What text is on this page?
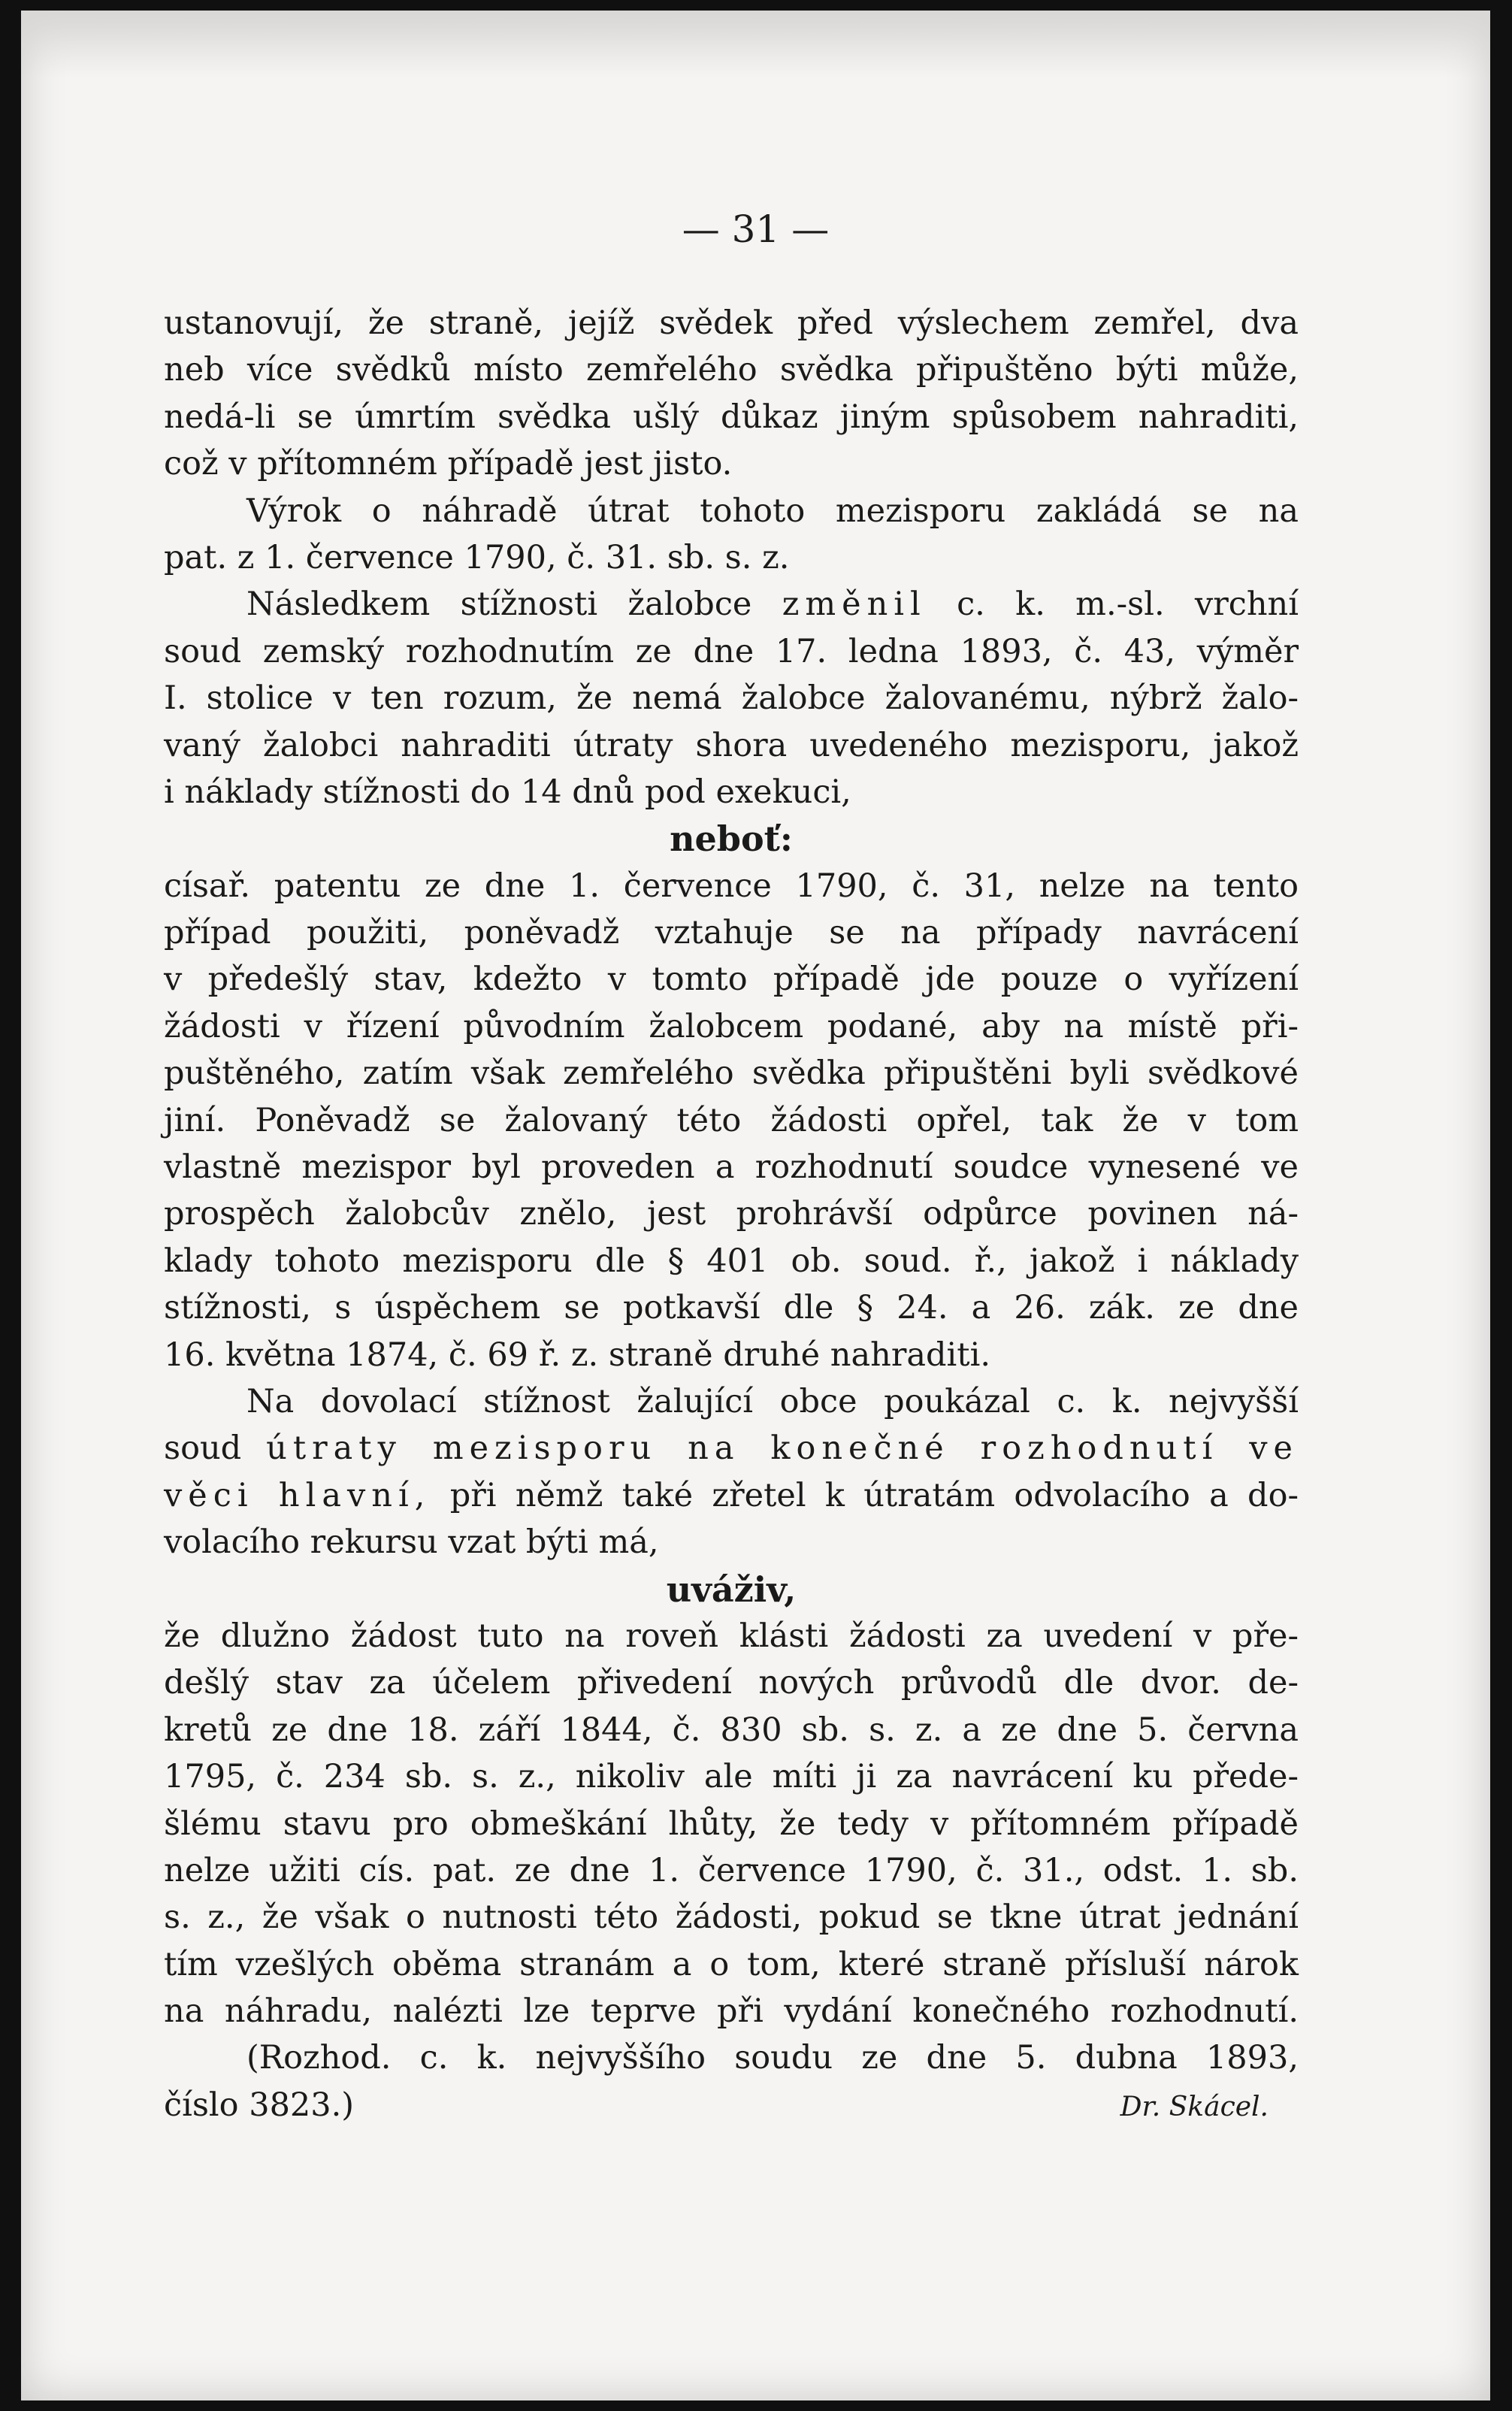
— 31 —
ustanovují, že straně, jejíž svědek před výslechem zemřel, dva
neb více svědků místo zemřelého svědka připuštěno býti může,
nedá-li se úmrtím svědka ušlý důkaz jiným spůsobem nahraditi,
což v přítomném případě jest jisto.
Výrok o náhradě útrat tohoto mezisporu zakládá se na
pat. z 1. července 1790, č. 31. sb. s. z.
Následkem stížnosti žalobce změnil c. k. m.-sl. vrchní
soud zemský rozhodnutím ze dne 17. ledna 1893, č. 43, výměr
I. stolice v ten rozum, že nemá žalobce žalovanému, nýbrž žalo-
vaný žalobci nahraditi útraty shora uvedeného mezisporu, jakož
i náklady stížnosti do 14 dnů pod exekuci,
neboť:
císař. patentu ze dne 1. července 1790, č. 31, nelze na tento
případ použiti, poněvadž vztahuje se na případy navrácení
v předešlý stav, kdežto v tomto případě jde pouze o vyřízení
žádosti v řízení původním žalobcem podané, aby na místě při-
puštěného, zatím však zemřelého svědka připuštěni byli svědkové
jiní. Poněvadž se žalovaný této žádosti opřel, tak že v tom
vlastně mezispor byl proveden a rozhodnutí soudce vynesené ve
prospěch žalobcův znělo, jest prohrávší odpůrce povinen ná-
klady tohoto mezisporu dle § 401 ob. soud. ř., jakož i náklady
stížnosti, s úspěchem se potkavší dle § 24. a 26. zák. ze dne
16. května 1874, č. 69 ř. z. straně druhé nahraditi.
Na dovolací stížnost žalující obce poukázal c. k. nejvyšší
soud útraty mezisporu na konečné rozhodnutí ve
věci hlavní, při němž také zřetel k útratám odvolacího a do-
volacího rekursu vzat býti má,
uváživ,
že dlužno žádost tuto na roveň klásti žádosti za uvedení v pře-
dešlý stav za účelem přivedení nových průvodů dle dvor. de-
kretů ze dne 18. září 1844, č. 830 sb. s. z. a ze dne 5. června
1795, č. 234 sb. s. z., nikoliv ale míti ji za navrácení ku přede-
šlému stavu pro obmeškání lhůty, že tedy v přítomném případě
nelze užiti cís. pat. ze dne 1. července 1790, č. 31., odst. 1. sb.
s. z., že však o nutnosti této žádosti, pokud se tkne útrat jednání
tím vzešlých oběma stranám a o tom, které straně přísluší nárok
na náhradu, nalézti lze teprve při vydání konečného rozhodnutí.
(Rozhod. c. k. nejvyššího soudu ze dne 5. dubna 1893,
číslo 3823.)	Dr. Skácel.
